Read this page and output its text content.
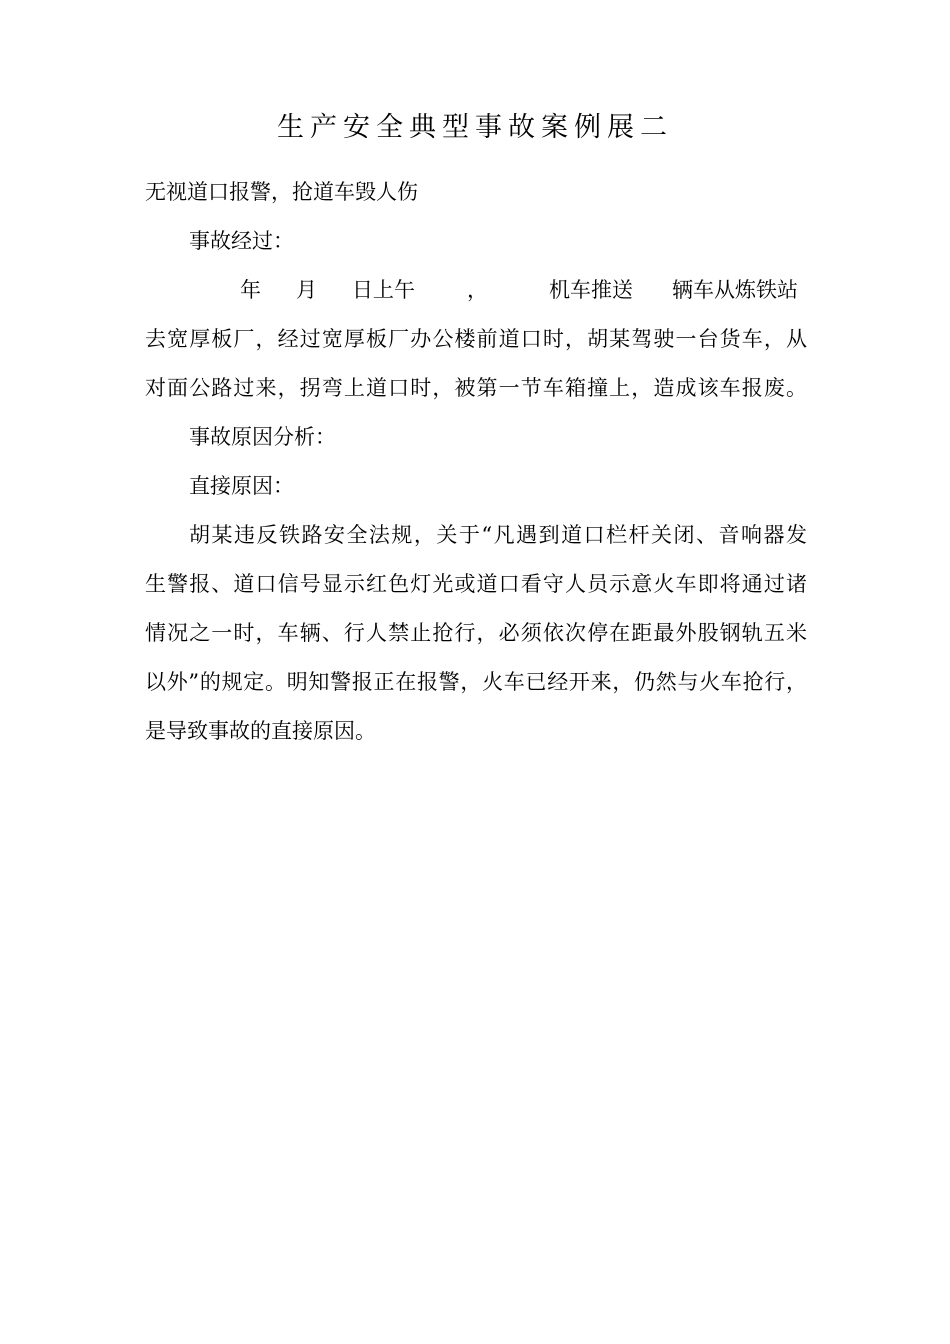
生产安全典型事故案例展二
无视道口报警，抢道车毁人伤
事故经过：
年 月 日上午 ，	机车推送 辆车从炼铁站
去宽厚板厂，经过宽厚板厂办公楼前道口时，胡某驾驶一台货车，从
对面公路过来，拐弯上道口时，被第一节车箱撞上，造成该车报废。
事故原因分析：
直接原因：
胡某违反铁路安全法规，关于“凡遇到道口栏杆关闭、音响器发
生警报、道口信号显示红色灯光或道口看守人员示意火车即将通过诸
情况之一时，车辆、行人禁止抢行，必须依次停在距最外股钢轨五米
以外”的规定。明知警报正在报警，火车已经开来，仍然与火车抢行，
是导致事故的直接原因。
